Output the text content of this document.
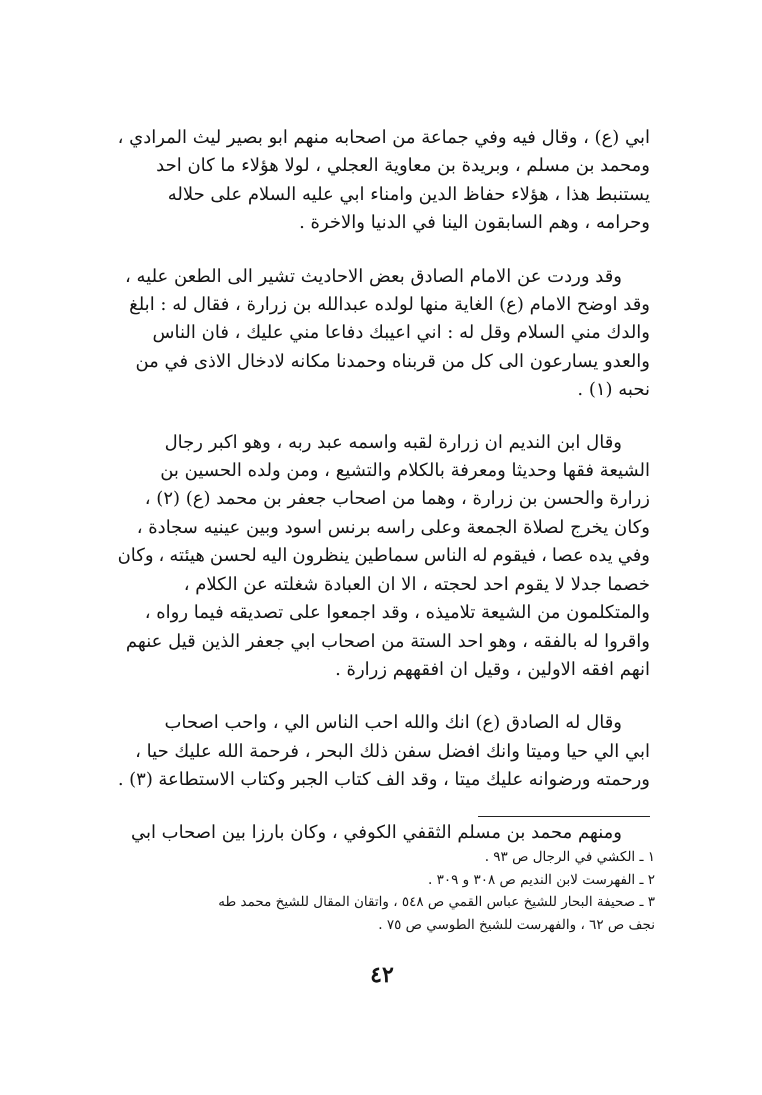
ابي (ع) ، وقال فيه وفي جماعة من اصحابه منهم ابو بصير ليث المرادي ،
ومحمد بن مسلم ، وبريدة بن معاوية العجلي ، لولا هؤلاء ما كان احد
يستنبط هذا ، هؤلاء حفاظ الدين وامناء ابي عليه السلام على حلاله
وحرامه ، وهم السابقون الينا في الدنيا والاخرة .

وقد وردت عن الامام الصادق بعض الاحاديث تشير الى الطعن عليه ،
وقد اوضح الامام (ع) الغاية منها لولده عبدالله بن زرارة ، فقال له : ابلغ
والدك مني السلام وقل له : اني اعيبك دفاعا مني عليك ، فان الناس
والعدو يسارعون الى كل من قربناه وحمدنا مكانه لادخال الاذى في من
نحبه (١) .

وقال ابن النديم ان زرارة لقبه واسمه عبد ربه ، وهو اكبر رجال
الشيعة فقها وحديثا ومعرفة بالكلام والتشيع ، ومن ولده الحسين بن
زرارة والحسن بن زرارة ، وهما من اصحاب جعفر بن محمد (ع) (٢) ،
وكان يخرج لصلاة الجمعة وعلى راسه برنس اسود وبين عينيه سجادة ،
وفي يده عصا ، فيقوم له الناس سماطين ينظرون اليه لحسن هيئته ، وكان
خصما جدلا لا يقوم احد لحجته ، الا ان العبادة شغلته عن الكلام ،
والمتكلمون من الشيعة تلاميذه ، وقد اجمعوا على تصديقه فيما رواه ،
واقروا له بالفقه ، وهو احد الستة من اصحاب ابي جعفر الذين قيل عنهم
انهم افقه الاولين ، وقيل ان افقههم زرارة .

وقال له الصادق (ع) انك والله احب الناس الي ، واحب اصحاب
ابي الي حيا وميتا وانك افضل سفن ذلك البحر ، فرحمة الله عليك حيا ،
ورحمته ورضوانه عليك ميتا ، وقد الف كتاب الجبر وكتاب الاستطاعة (٣) .

ومنهم محمد بن مسلم الثقفي الكوفي ، وكان بارزا بين اصحاب ابي

١ ـ الكشي في الرجال ص ٩٣ .

٢ ـ الفهرست لابن النديم ص ٣٠٨ و ٣٠٩ .

٣ ـ صحيفة البحار للشيخ عباس القمي ص ٥٤٨ ، واتقان المقال للشيخ محمد طه

نجف ص ٦٢ ، والفهرست للشيخ الطوسي ص ٧٥ .

٤٢
